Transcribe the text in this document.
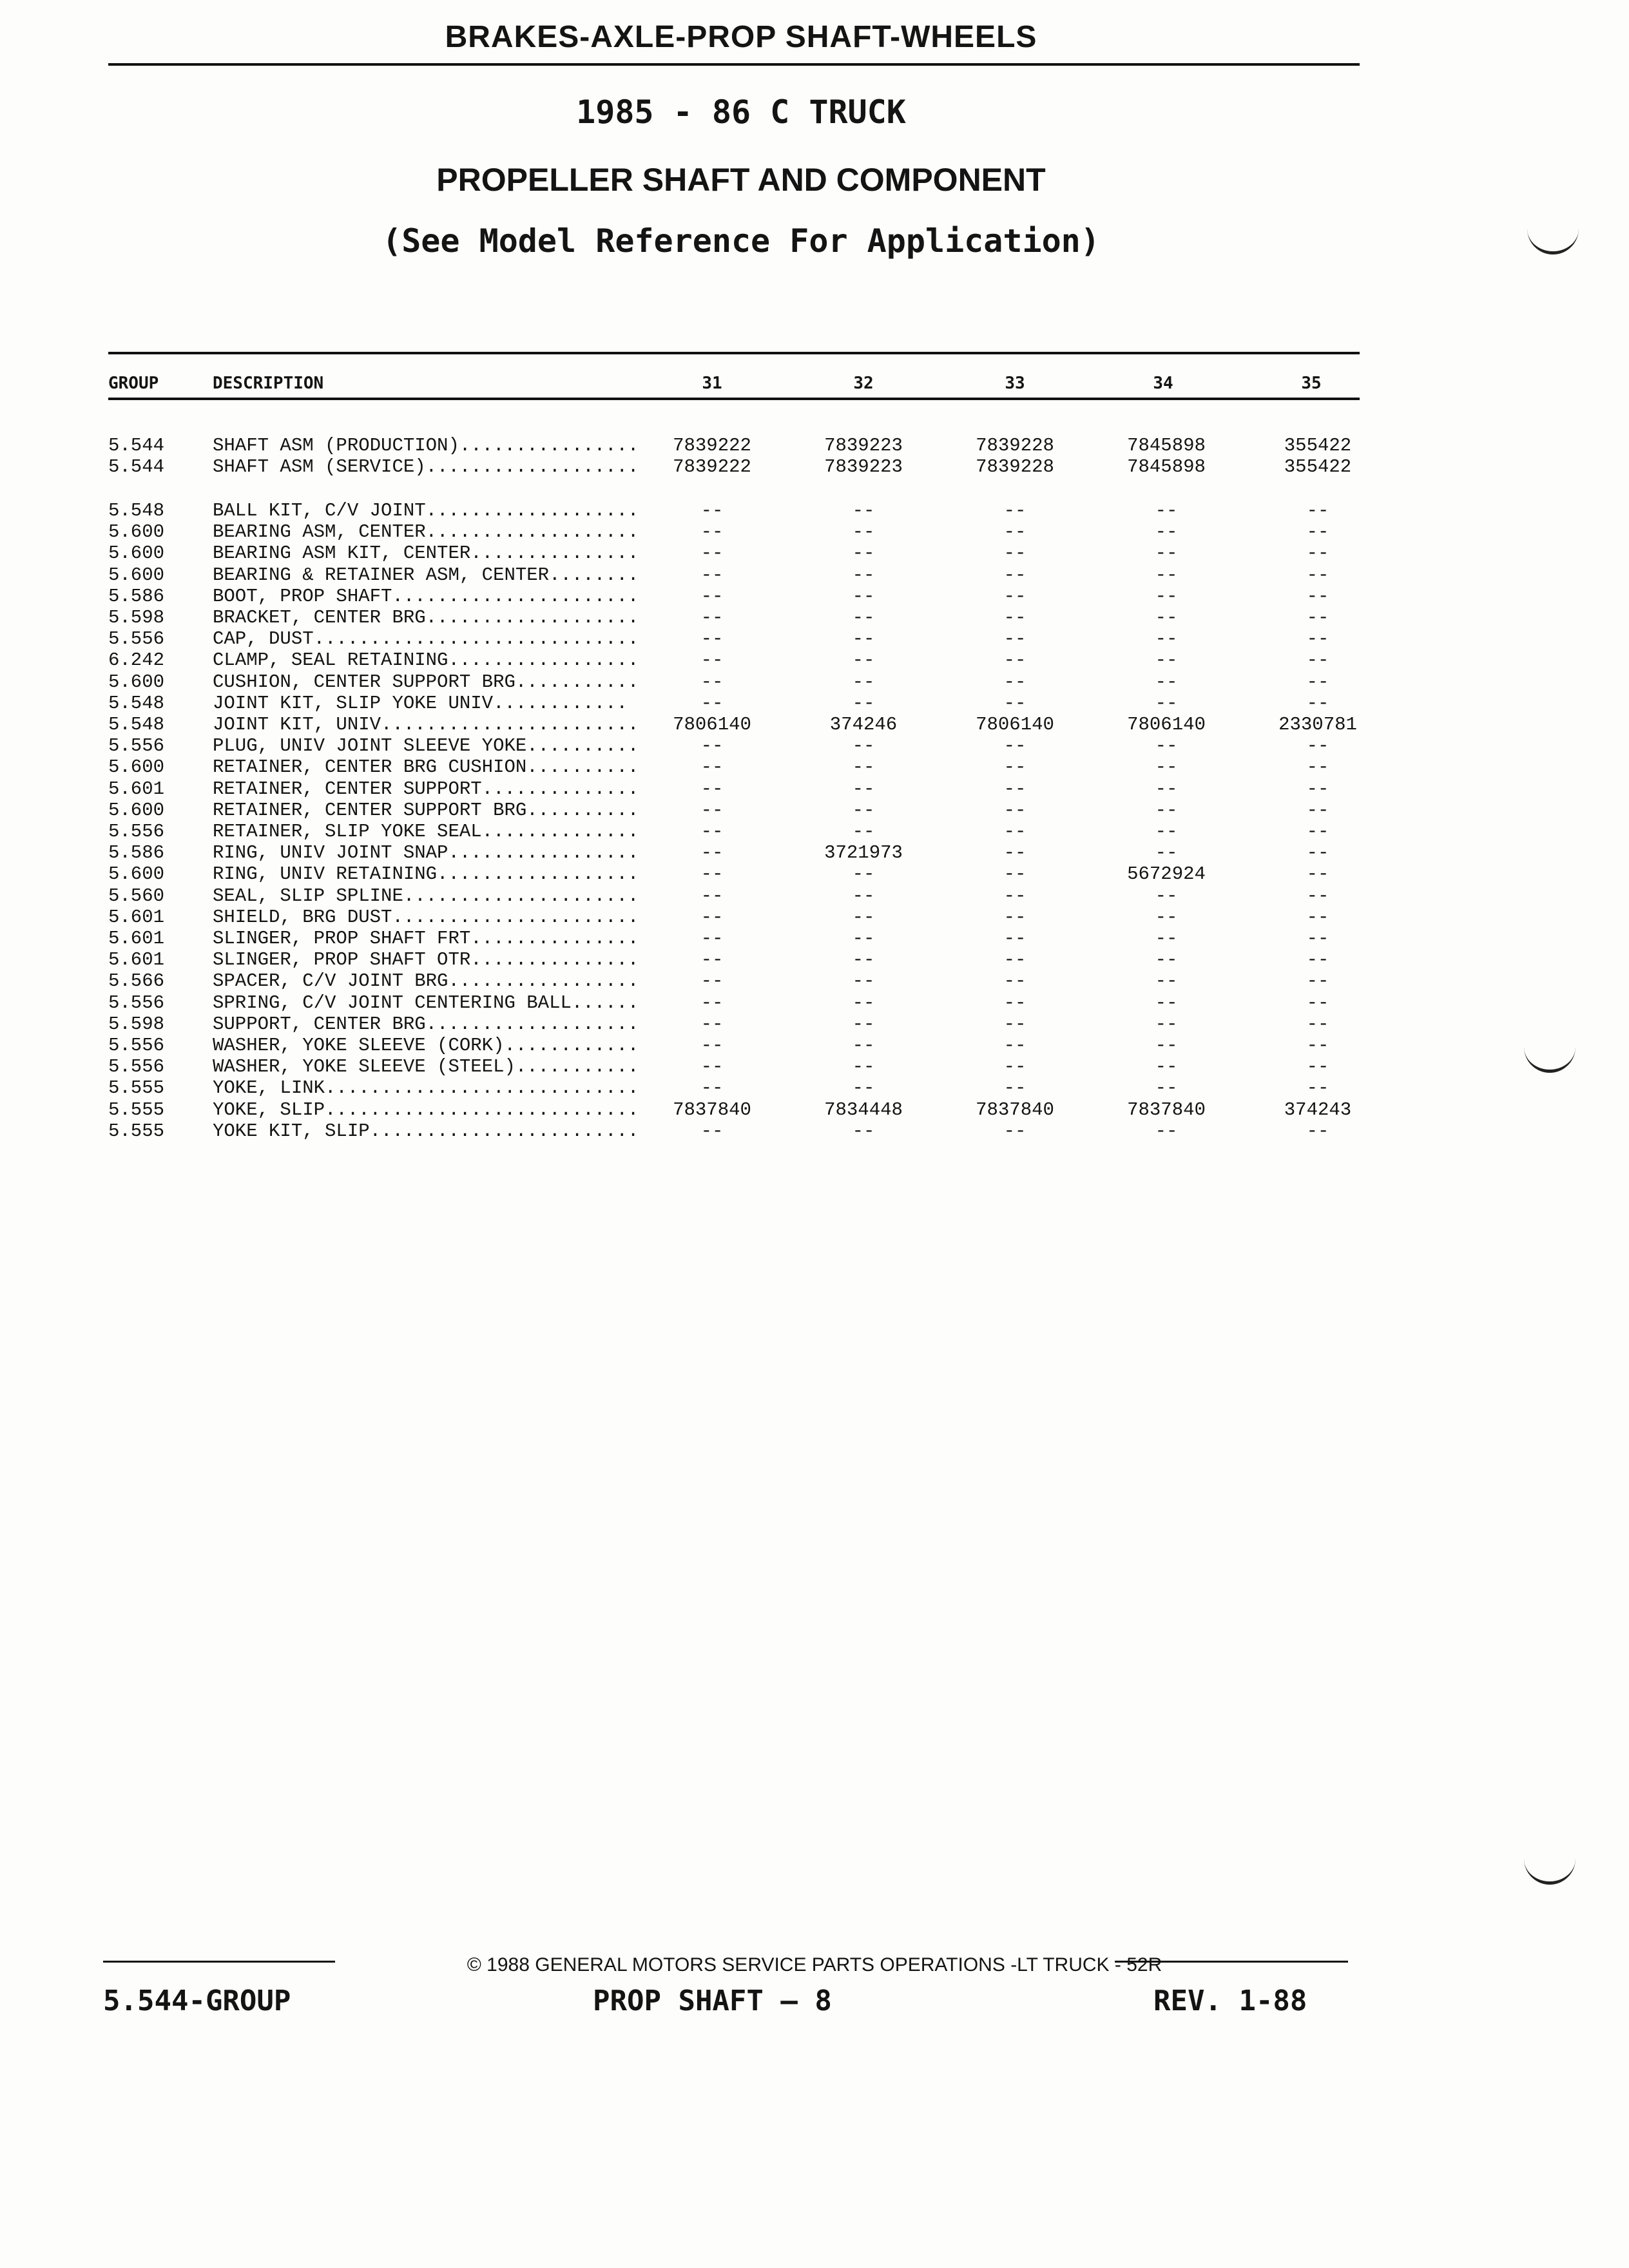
BRAKES-AXLE-PROP SHAFT-WHEELS
1985 - 86 C TRUCK
PROPELLER SHAFT AND COMPONENT
(See Model Reference For Application)
GROUP	DESCRIPTION	31	32	33	34	35
5.544	SHAFT ASM (PRODUCTION)................	7839222	7839223	7839228	7845898	355422
5.544	SHAFT ASM (SERVICE)...................	7839222	7839223	7839228	7845898	355422
5.548	BALL KIT, C/V JOINT...................	--	--	--	--	--
5.600	BEARING ASM, CENTER...................	--	--	--	--	--
5.600	BEARING ASM KIT, CENTER...............	--	--	--	--	--
5.600	BEARING & RETAINER ASM, CENTER........	--	--	--	--	--
5.586	BOOT, PROP SHAFT......................	--	--	--	--	--
5.598	BRACKET, CENTER BRG...................	--	--	--	--	--
5.556	CAP, DUST.............................	--	--	--	--	--
6.242	CLAMP, SEAL RETAINING.................	--	--	--	--	--
5.600	CUSHION, CENTER SUPPORT BRG...........	--	--	--	--	--
5.548	JOINT KIT, SLIP YOKE UNIV............	--	--	--	--	--
5.548	JOINT KIT, UNIV.......................	7806140	374246	7806140	7806140	2330781
5.556	PLUG, UNIV JOINT SLEEVE YOKE..........	--	--	--	--	--
5.600	RETAINER, CENTER BRG CUSHION..........	--	--	--	--	--
5.601	RETAINER, CENTER SUPPORT..............	--	--	--	--	--
5.600	RETAINER, CENTER SUPPORT BRG..........	--	--	--	--	--
5.556	RETAINER, SLIP YOKE SEAL..............	--	--	--	--	--
5.586	RING, UNIV JOINT SNAP.................	--	3721973	--	--	--
5.600	RING, UNIV RETAINING..................	--	--	--	5672924	--
5.560	SEAL, SLIP SPLINE.....................	--	--	--	--	--
5.601	SHIELD, BRG DUST......................	--	--	--	--	--
5.601	SLINGER, PROP SHAFT FRT...............	--	--	--	--	--
5.601	SLINGER, PROP SHAFT OTR...............	--	--	--	--	--
5.566	SPACER, C/V JOINT BRG.................	--	--	--	--	--
5.556	SPRING, C/V JOINT CENTERING BALL......	--	--	--	--	--
5.598	SUPPORT, CENTER BRG...................	--	--	--	--	--
5.556	WASHER, YOKE SLEEVE (CORK)............	--	--	--	--	--
5.556	WASHER, YOKE SLEEVE (STEEL)...........	--	--	--	--	--
5.555	YOKE, LINK............................	--	--	--	--	--
5.555	YOKE, SLIP............................	7837840	7834448	7837840	7837840	374243
5.555	YOKE KIT, SLIP........................	--	--	--	--	--
© 1988 GENERAL MOTORS SERVICE PARTS OPERATIONS -LT TRUCK - 52R
5.544-GROUP	PROP SHAFT — 8	REV. 1-88
